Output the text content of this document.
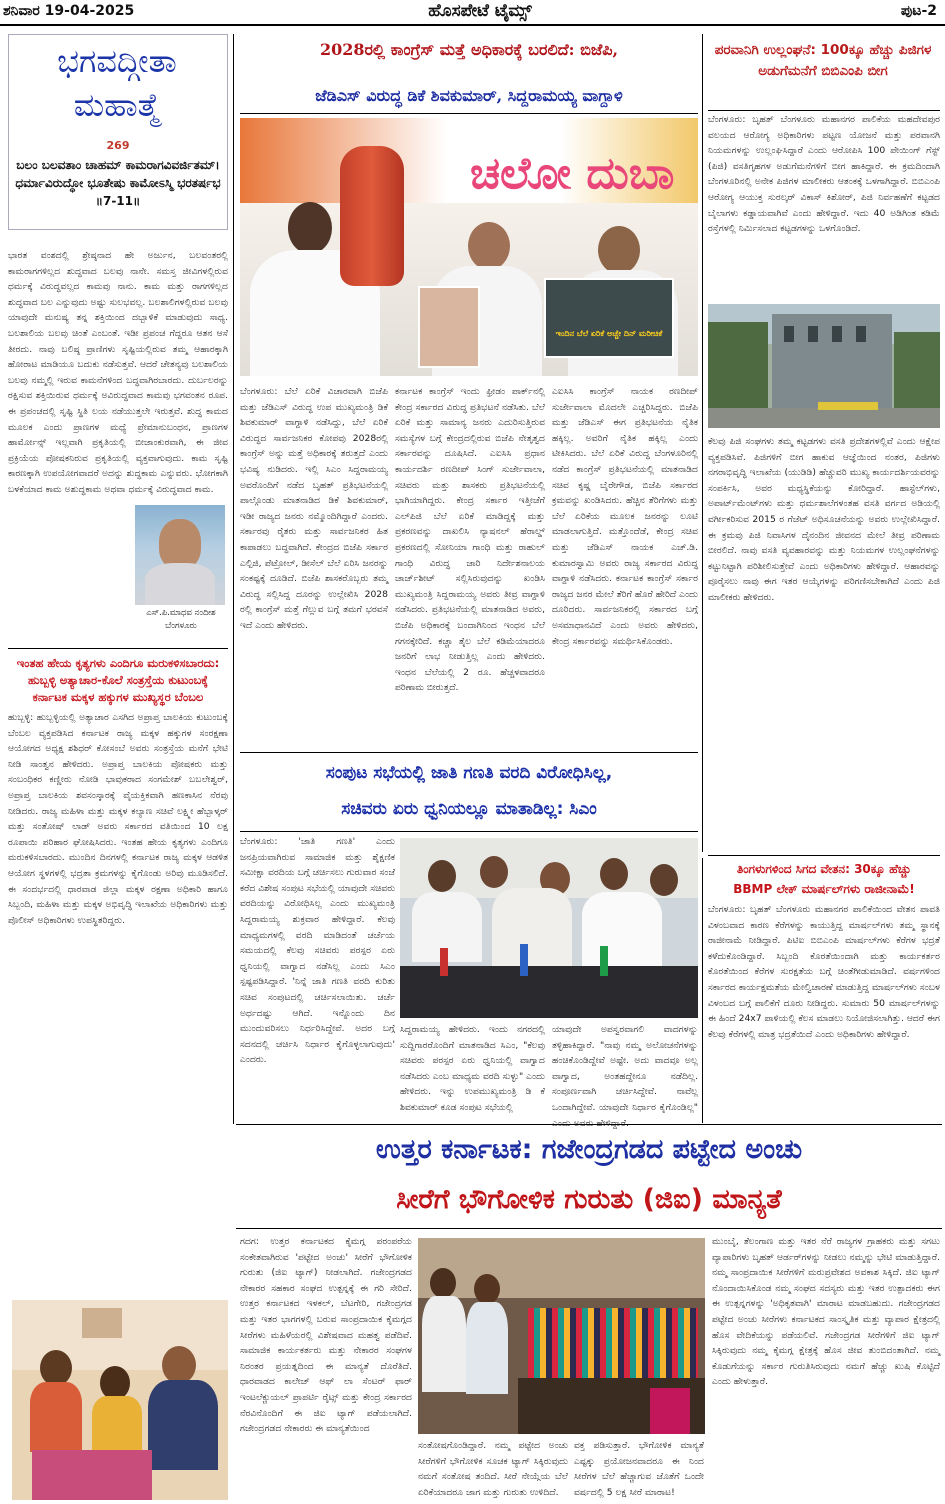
ಶನಿವಾರ 19-04-2025	ಹೊಸಪೇಟೆ ಟೈಮ್ಸ್	ಪುಟ-2
ಭಗವದ್ಗೀತಾ ಮಹಾತ್ಮೆ
269
ಬಲಂ ಬಲವತಾಂ ಚಾಹಮ್ ಕಾಮರಾಗವಿವರ್ಜಿತಮ್। ಧರ್ಮಾವಿರುದ್ಧೋ ಭೂತೇಷು ಕಾಮೋಽಸ್ಮಿ ಭರತರ್ಷಭ ॥7-11॥
ಭಾರತ ವಂಶದಲ್ಲಿ ಶ್ರೇಷ್ಠನಾದ ಹೇ ಅರ್ಜುನ, ಬಲವಂತರಲ್ಲಿ ಕಾಮರಾಗಗಳಿಲ್ಲದ ಶುದ್ಧವಾದ ಬಲವು ನಾನೇ. ಸಮಸ್ತ ಜೀವಿಗಳಲ್ಲಿರುವ ಧರ್ಮಕ್ಕೆ ವಿರುದ್ಧವಲ್ಲದ ಕಾಮವು ನಾನು. ಕಾಮ ಮತ್ತು ರಾಗಗಳಿಲ್ಲದ ಶುದ್ಧವಾದ ಬಲ ಎನ್ನುವುದು ಅಷ್ಟು ಸುಲಭವಲ್ಲ. ಬಲಶಾಲಿಗಳಲ್ಲಿರುವ ಬಲವು ಯಾವುದೇ ಮನುಷ್ಯ ತನ್ನ ಶಕ್ತಿಯಿಂದ ದಬ್ಬಾಳಿಕೆ ಮಾಡುವುದು ಸಾಧ್ಯ. ಬಲಶಾಲಿಯ ಬಲವು ಚಿಂತೆ ಎಂಬಂತೆ. ಇಡೀ ಪ್ರಪಂಚ ಗೆದ್ದರೂ ಆತನ ಆಸೆ ತೀರದು. ನಾವು ಬಲಿಷ್ಠ ಪ್ರಾಣಿಗಳು ಸೃಷ್ಟಿಯಲ್ಲಿರುವ ತಮ್ಮ ಆಹಾರಕ್ಕಾಗಿ ಹೋರಾಟ ಮಾಡಿಯೂ ಬದುಕು ನಡೆಸುತ್ತವೆ. ಆದರೆ ಚೇತನ್ಯವು ಬಲಶಾಲಿಯ ಬಲವು ನಮ್ಮಲ್ಲಿ ಇರುವ ಕಾಮನೆಗಳಿಂದ ಬದ್ಧವಾಗಿರಬಾರದು. ದುರ್ಬಲರನ್ನು ರಕ್ಷಿಸುವ ಶಕ್ತಿಯಿರುವ ಧರ್ಮಕ್ಕೆ ಅವಿರುದ್ಧವಾದ ಕಾಮವು ಭಗವಂತನ ರೂಪ. ಈ ಪ್ರಪಂಚದಲ್ಲಿ ಸೃಷ್ಟಿ ಸ್ಥಿತಿ ಲಯ ನಡೆಯುತ್ತಲೇ ಇರುತ್ತವೆ. ಶುದ್ಧ ಕಾಮದ ಮೂಲಕ ಎಂದು ಪ್ರಾಣಗಳ ಮಧ್ಯೆ ಪ್ರೇಮಾನುಬಂಧನ, ಪ್ರಾಣಗಳ ಹಾರ್ಮೋನ್ಸ್ ಇಲ್ಲವಾಗಿ ಪ್ರಕೃತಿಯಲ್ಲಿ ಬೀಜಾಂಕುರವಾಗಿ, ಈ ಜೀವ ಪ್ರಕ್ರಿಯೆಯ ಪೋಷಕನಿರುವ ಪ್ರಕೃತಿಯಲ್ಲಿ ವ್ಯಕ್ತವಾಗುವುದು. ಕಾಮ ಸೃಷ್ಟಿ ಕಾರಣಕ್ಕಾಗಿ ಉಪಯೋಗವಾದರೆ ಅದನ್ನು ಶುದ್ಧಕಾಮ ಎನ್ನುವರು. ಭೋಗಕಾಗಿ ಬಳಕೆಯಾದ ಕಾಮ ಅಶುದ್ಧಕಾಮ ಅಥವಾ ಧರ್ಮಕ್ಕೆ ವಿರುದ್ಧವಾದ ಕಾಮ.
ಎಸ್.ಪಿ.ಮಾಧವ ನಂದೀಶ
ಬೆಂಗಳೂರು
ಇಂತಹ ಹೇಯ ಕೃತ್ಯಗಳು ಎಂದಿಗೂ ಮರುಕಳಿಸಬಾರದು: ಹುಬ್ಬಳ್ಳಿ ಅತ್ಯಾಚಾರ-ಕೊಲೆ ಸಂತ್ರಸ್ತೆಯ ಕುಟುಂಬಕ್ಕೆ ಕರ್ನಾಟಕ ಮಕ್ಕಳ ಹಕ್ಕುಗಳ ಮುಖ್ಯಸ್ಥರ ಬೆಂಬಲ
ಹುಬ್ಬಳ್ಳಿ: ಹುಬ್ಬಳ್ಳಿಯಲ್ಲಿ ಅತ್ಯಾಚಾರ ಎಸಗಿದ ಅಪ್ರಾಪ್ತ ಬಾಲಕಿಯ ಕುಟುಂಬಕ್ಕೆ ಬೆಂಬಲ ವ್ಯಕ್ತಪಡಿಸಿದ ಕರ್ನಾಟಕ ರಾಜ್ಯ ಮಕ್ಕಳ ಹಕ್ಕುಗಳ ಸಂರಕ್ಷಣಾ ಆಯೋಗದ ಅಧ್ಯಕ್ಷ ಶಶಿಧರ್ ಕೋಸಂಬೆ ಅವರು ಸಂತ್ರಸ್ತೆಯ ಮನೆಗೆ ಭೇಟಿ ನೀಡಿ ಸಾಂತ್ವನ ಹೇಳಿದರು. ಅಪ್ರಾಪ್ತ ಬಾಲಕಿಯ ಪೋಷಕರು ಮತ್ತು ಸಂಬಂಧಿಕರ ಕಣ್ಣೀರು ನೋಡಿ ಭಾವುಕರಾದ ಸಂಗಮೇಶ್ ಬಬಲೇಶ್ವರ್, ಅಪ್ರಾಪ್ತ ಬಾಲಕಿಯ ಶವಸಂಸ್ಕಾರಕ್ಕೆ ವೈಯಕ್ತಿಕವಾಗಿ ಹಣಕಾಸಿನ ನೆರವು ನೀಡಿದರು. ರಾಜ್ಯ ಮಹಿಳಾ ಮತ್ತು ಮಕ್ಕಳ ಕಲ್ಯಾಣ ಸಚಿವೆ ಲಕ್ಷ್ಮೀ ಹೆಬ್ಬಾಳ್ಕರ್ ಮತ್ತು ಸಂತೋಷ್ ಲಾಡ್ ಅವರು ಸರ್ಕಾರದ ವತಿಯಿಂದ 10 ಲಕ್ಷ ರೂಪಾಯಿ ಪರಿಹಾರ ಘೋಷಿಸಿದರು. ಇಂತಹ ಹೇಯ ಕೃತ್ಯಗಳು ಎಂದಿಗೂ ಮರುಕಳಿಸಬಾರದು. ಮುಂದಿನ ದಿನಗಳಲ್ಲಿ ಕರ್ನಾಟಕ ರಾಜ್ಯ ಮಕ್ಕಳ ಆಡಳಿತ ಆಯೋಗ ಸ್ಥಳಗಳಲ್ಲಿ ಭದ್ರತಾ ಕ್ರಮಗಳನ್ನು ಕೈಗೊಂಡು ಅರಿವು ಮೂಡಿಸಲಿದೆ. ಈ ಸಂದರ್ಭದಲ್ಲಿ ಧಾರವಾಡ ಜಿಲ್ಲಾ ಮಕ್ಕಳ ರಕ್ಷಣಾ ಅಧಿಕಾರಿ ಹಾಗೂ ಸಿಬ್ಬಂದಿ, ಮಹಿಳಾ ಮತ್ತು ಮಕ್ಕಳ ಅಭಿವೃದ್ಧಿ ಇಲಾಖೆಯ ಅಧಿಕಾರಿಗಳು ಮತ್ತು ಪೊಲೀಸ್ ಅಧಿಕಾರಿಗಳು ಉಪಸ್ಥಿತರಿದ್ದರು.
2028ರಲ್ಲಿ ಕಾಂಗ್ರೆಸ್ ಮತ್ತೆ ಅಧಿಕಾರಕ್ಕೆ ಬರಲಿದೆ: ಬಿಜೆಪಿ,
ಜೆಡಿಎಸ್ ವಿರುದ್ಧ ಡಿಕೆ ಶಿವಕುಮಾರ್, ಸಿದ್ದರಾಮಯ್ಯ ವಾಗ್ದಾಳಿ
ಚಲೋ ದುಬಾ
ಇಂದಿನ ಬೆಲೆ ಏರಿಕೆ ಅಚ್ಚೇ ದಿನ್ ಮರೀಚಿಕೆ
ಬೆಂಗಳೂರು: ಬೆಲೆ ಏರಿಕೆ ವಿಚಾರವಾಗಿ ಬಿಜೆಪಿ ಮತ್ತು ಜೆಡಿಎಸ್ ವಿರುದ್ಧ ಉಪ ಮುಖ್ಯಮಂತ್ರಿ ಡಿಕೆ ಶಿವಕುಮಾರ್ ವಾಗ್ದಾಳಿ ನಡೆಸಿದ್ದು, ಬೆಲೆ ಏರಿಕೆ ವಿರುದ್ಧದ ಸಾರ್ವಜನಿಕರ ಕೋಪವು 2028ರಲ್ಲಿ ಕಾಂಗ್ರೆಸ್ ಅನ್ನು ಮತ್ತೆ ಅಧಿಕಾರಕ್ಕೆ ತರುತ್ತದೆ ಎಂದು ಭವಿಷ್ಯ ನುಡಿದರು. ಇಲ್ಲಿ ಸಿಎಂ ಸಿದ್ದರಾಮಯ್ಯ ಅವರೊಂದಿಗೆ ನಡೆದ ಬೃಹತ್ ಪ್ರತಿಭಟನೆಯಲ್ಲಿ ಪಾಲ್ಗೊಂಡು ಮಾತನಾಡಿದ ಡಿಕೆ ಶಿವಕುಮಾರ್, ಇಡೀ ರಾಜ್ಯದ ಜನರು ನಮ್ಮೊಂದಿಗಿದ್ದಾರೆ ಎಂದರು. ಸರ್ಕಾರವು ರೈತರು ಮತ್ತು ಸಾರ್ವಜನಿಕರ ಹಿತ ಕಾಪಾಡಲು ಬದ್ಧವಾಗಿದೆ. ಕೇಂದ್ರದ ಬಿಜೆಪಿ ಸರ್ಕಾರ ಎಲ್ಪಿಜಿ, ಪೆಟ್ರೋಲ್, ಡೀಸೆಲ್ ಬೆಲೆ ಏರಿಸಿ ಜನರನ್ನು ಸಂಕಷ್ಟಕ್ಕೆ ದೂಡಿದೆ. ಬಿಜೆಪಿ ಶಾಸಕರೊಬ್ಬರು ತಮ್ಮ ವಿರುದ್ಧ ಸಲ್ಲಿಸಿದ್ದ ದೂರನ್ನು ಉಲ್ಲೇಖಿಸಿ 2028 ರಲ್ಲಿ ಕಾಂಗ್ರೆಸ್ ಮತ್ತೆ ಗೆಲ್ಲುವ ಬಗ್ಗೆ ತಮಗೆ ಭರವಸೆ ಇದೆ ಎಂದು ಹೇಳಿದರು.
ಕರ್ನಾಟಕ ಕಾಂಗ್ರೆಸ್ ಇಂದು ಫ್ರೀಡಂ ಪಾರ್ಕ್‌ನಲ್ಲಿ ಕೇಂದ್ರ ಸರ್ಕಾರದ ವಿರುದ್ಧ ಪ್ರತಿಭಟನೆ ನಡೆಸಿತು. ಬೆಲೆ ಏರಿಕೆ ಮತ್ತು ಸಾಮಾನ್ಯ ಜನರು ಎದುರಿಸುತ್ತಿರುವ ಸಮಸ್ಯೆಗಳ ಬಗ್ಗೆ ಕೇಂದ್ರದಲ್ಲಿರುವ ಬಿಜೆಪಿ ನೇತೃತ್ವದ ಸರ್ಕಾರವನ್ನು ದೂಷಿಸಿದೆ. ಎಐಸಿಸಿ ಪ್ರಧಾನ ಕಾರ್ಯದರ್ಶಿ ರಣದೀಪ್ ಸಿಂಗ್ ಸುರ್ಜೇವಾಲಾ, ಸಚಿವರು ಮತ್ತು ಶಾಸಕರು ಪ್ರತಿಭಟನೆಯಲ್ಲಿ ಭಾಗಿಯಾಗಿದ್ದರು. ಕೇಂದ್ರ ಸರ್ಕಾರ ಇತ್ತೀಚೆಗೆ ಎಲ್‌ಪಿಜಿ ಬೆಲೆ ಏರಿಕೆ ಮಾಡಿದ್ದಕ್ಕೆ ಮತ್ತು ಪ್ರಕರಣವನ್ನು ದಾಖಲಿಸಿ ನ್ಯಾಷನಲ್ ಹೆರಾಲ್ಡ್ ಪ್ರಕರಣದಲ್ಲಿ ಸೋನಿಯಾ ಗಾಂಧಿ ಮತ್ತು ರಾಹುಲ್ ಗಾಂಧಿ ವಿರುದ್ಧ ಜಾರಿ ನಿರ್ದೇಶನಾಲಯ ಚಾರ್ಜ್‌ಶೀಟ್ ಸಲ್ಲಿಸಿರುವುದನ್ನು ಖಂಡಿಸಿ ಮುಖ್ಯಮಂತ್ರಿ ಸಿದ್ದರಾಮಯ್ಯ ಅವರು ತೀವ್ರ ವಾಗ್ದಾಳಿ ನಡೆಸಿದರು. ಪ್ರತಿಭಟನೆಯಲ್ಲಿ ಮಾತನಾಡಿದ ಅವರು, ಬಿಜೆಪಿ ಅಧಿಕಾರಕ್ಕೆ ಬಂದಾಗಿನಿಂದ ಇಂಧನ ಬೆಲೆ ಗಗನಕ್ಕೇರಿದೆ. ಕಚ್ಚಾ ತೈಲ ಬೆಲೆ ಕಡಿಮೆಯಾದರೂ ಜನರಿಗೆ ಲಾಭ ನೀಡುತ್ತಿಲ್ಲ ಎಂದು ಹೇಳಿದರು. ಇಂಧನ ಬೆಲೆಯಲ್ಲಿ 2 ರೂ. ಹೆಚ್ಚಳವಾದರೂ ಪರಿಣಾಮ ಬೀರುತ್ತದೆ.
ಎಐಸಿಸಿ ಕಾಂಗ್ರೆಸ್ ನಾಯಕ ರಣದೀಪ್ ಸುರ್ಜೇವಾಲಾ ಮೊದಲೇ ಎಚ್ಚರಿಸಿದ್ದರು. ಬಿಜೆಪಿ ಮತ್ತು ಜೆಡಿಎಸ್ ಈಗ ಪ್ರತಿಭಟನೆಯ ನೈತಿಕ ಹಕ್ಕಿಲ್ಲ. ಅವರಿಗೆ ನೈತಿಕ ಹಕ್ಕಿಲ್ಲ ಎಂದು ಟೀಕಿಸಿದರು. ಬೆಲೆ ಏರಿಕೆ ವಿರುದ್ಧ ಬೆಂಗಳೂರಿನಲ್ಲಿ ನಡೆದ ಕಾಂಗ್ರೆಸ್ ಪ್ರತಿಭಟನೆಯಲ್ಲಿ ಮಾತನಾಡಿದ ಸಚಿವ ಕೃಷ್ಣ ಬೈರೇಗೌಡ, ಬಿಜೆಪಿ ಸರ್ಕಾರದ ಕ್ರಮವನ್ನು ಖಂಡಿಸಿದರು. ಹೆಚ್ಚಿನ ತೆರಿಗೆಗಳು ಮತ್ತು ಬೆಲೆ ಏರಿಕೆಯ ಮೂಲಕ ಜನರನ್ನು ಲೂಟಿ ಮಾಡಲಾಗುತ್ತಿದೆ. ಮತ್ತೊಂದೆಡೆ, ಕೇಂದ್ರ ಸಚಿವ ಮತ್ತು ಜೆಡಿಎಸ್ ನಾಯಕ ಎಚ್.ಡಿ. ಕುಮಾರಸ್ವಾಮಿ ಅವರು ರಾಜ್ಯ ಸರ್ಕಾರದ ವಿರುದ್ಧ ವಾಗ್ದಾಳಿ ನಡೆಸಿದರು. ಕರ್ನಾಟಕ ಕಾಂಗ್ರೆಸ್ ಸರ್ಕಾರ ರಾಜ್ಯದ ಜನರ ಮೇಲೆ ತೆರಿಗೆ ಹೊರೆ ಹೇರಿದೆ ಎಂದು ದೂರಿದರು. ಸಾರ್ವಜನಿಕರಲ್ಲಿ ಸರ್ಕಾರದ ಬಗ್ಗೆ ಅಸಮಾಧಾನವಿದೆ ಎಂದು ಅವರು ಹೇಳಿದರು, ಕೇಂದ್ರ ಸರ್ಕಾರವನ್ನು ಸಮರ್ಥಿಸಿಕೊಂಡರು.
ಸಂಪುಟ ಸಭೆಯಲ್ಲಿ ಜಾತಿ ಗಣತಿ ವರದಿ ವಿರೋಧಿಸಿಲ್ಲ,
ಸಚಿವರು ಏರು ಧ್ವನಿಯಲ್ಲೂ ಮಾತಾಡಿಲ್ಲ: ಸಿಎಂ
ಬೆಂಗಳೂರು: 'ಜಾತಿ ಗಣತಿ' ಎಂದು ಜನಪ್ರಿಯವಾಗಿರುವ ಸಾಮಾಜಿಕ ಮತ್ತು ಶೈಕ್ಷಣಿಕ ಸಮೀಕ್ಷಾ ವರದಿಯ ಬಗ್ಗೆ ಚರ್ಚಿಸಲು ಗುರುವಾರ ಸಂಜೆ ಕರೆದ ವಿಶೇಷ ಸಂಪುಟ ಸಭೆಯಲ್ಲಿ ಯಾವುದೇ ಸಚಿವರು ವರದಿಯನ್ನು ವಿರೋಧಿಸಿಲ್ಲ ಎಂದು ಮುಖ್ಯಮಂತ್ರಿ ಸಿದ್ದರಾಮಯ್ಯ ಶುಕ್ರವಾರ ಹೇಳಿದ್ದಾರೆ. ಕೆಲವು ಮಾಧ್ಯಮಗಳಲ್ಲಿ ವರದಿ ಮಾಡಿದಂತೆ ಚರ್ಚೆಯ ಸಮಯದಲ್ಲಿ ಕೆಲವು ಸಚಿವರು ಪರಸ್ಪರ ಏರು ಧ್ವನಿಯಲ್ಲಿ ವಾಗ್ವಾದ ನಡೆಸಿಲ್ಲ ಎಂದು ಸಿಎಂ ಸ್ಪಷ್ಟಪಡಿಸಿದ್ದಾರೆ. 'ನಿನ್ನೆ ಜಾತಿ ಗಣತಿ ವರದಿ ಕುರಿತು ಸಚಿವ ಸಂಪುಟದಲ್ಲಿ ಚರ್ಚಿಸಲಾಯಿತು. ಚರ್ಚೆ ಅರ್ಧದಷ್ಟು ಆಗಿದೆ. ಇನ್ನೊಂದು ದಿನ ಮುಂದುವರಿಸಲು ನಿರ್ಧರಿಸಿದ್ದೇವೆ. ಅದರ ಬಗ್ಗೆ ಸದನದಲ್ಲಿ ಚರ್ಚಿಸಿ ನಿರ್ಧಾರ ಕೈಗೊಳ್ಳಲಾಗುವುದು' ಎಂದರು.
ಸಿದ್ದರಾಮಯ್ಯ ಹೇಳಿದರು. ಇಂದು ನಗರದಲ್ಲಿ ಸುದ್ದಿಗಾರರೊಂದಿಗೆ ಮಾತನಾಡಿದ ಸಿಎಂ, "ಕೆಲವು ಸಚಿವರು ಪರಸ್ಪರ ಏರು ಧ್ವನಿಯಲ್ಲಿ ವಾಗ್ವಾದ ನಡೆಸಿದರು ಎಂಬ ಮಾಧ್ಯಮ ವರದಿ ಸುಳ್ಳು" ಎಂದು ಹೇಳಿದರು. ಇನ್ನು ಉಪಮುಖ್ಯಮಂತ್ರಿ ಡಿ ಕೆ ಶಿವಕುಮಾರ್ ಕೂಡ ಸಂಪುಟ ಸಭೆಯಲ್ಲಿ
ಯಾವುದೇ ಅಪಸ್ವರವಾಗಲಿ ವಾದಗಳನ್ನು ತಳ್ಳಿಹಾಕಿದ್ದಾರೆ. "ನಾವು ನಮ್ಮ ಅಲೋಚನೆಗಳನ್ನು ಹಂಚಿಕೊಂಡಿದ್ದೇವೆ ಅಷ್ಟೇ. ಅದು ವಾದವೂ ಅಲ್ಲ ವಾಗ್ವಾದ, ಅಂತಹದ್ದೇನೂ ನಡೆದಿಲ್ಲ. ಸಂಪೂರ್ಣವಾಗಿ ಚರ್ಚಿಸಿದ್ದೇವೆ. ನಾವೆಲ್ಲ ಒಂದಾಗಿದ್ದೇವೆ. ಯಾವುದೇ ನಿರ್ಧಾರ ಕೈಗೊಂಡಿಲ್ಲ"
ಪರವಾನಿಗಿ ಉಲ್ಲಂಘನೆ: 100ಕ್ಕೂ ಹೆಚ್ಚು ಪಿಜಿಗಳ ಅಡುಗೆಮನೆಗೆ ಬಿಬಿಎಂಪಿ ಬೀಗ
ಬೆಂಗಳೂರು: ಬೃಹತ್ ಬೆಂಗಳೂರು ಮಹಾನಗರ ಪಾಲಿಕೆಯ ಮಹದೇವಪುರ ವಲಯದ ಆರೋಗ್ಯ ಅಧಿಕಾರಿಗಳು ಪಟ್ಟಣ ಯೋಜನೆ ಮತ್ತು ಪರವಾನಗಿ ನಿಯಮಗಳನ್ನು ಉಲ್ಲಂಘಿಸಿದ್ದಾರೆ ಎಂದು ಆರೋಪಿಸಿ 100 ಪೇಯಿಂಗ್ ಗೆಸ್ಟ್ (ಪಿಜಿ) ವಸತಿಗೃಹಗಳ ಅಡುಗೆಮನೆಗಳಿಗೆ ಬೀಗ ಹಾಕಿದ್ದಾರೆ. ಈ ಕ್ರಮದಿಂದಾಗಿ ಬೆಂಗಳೂರಿನಲ್ಲಿ ಅನೇಕ ಪಿಜಿಗಳ ಮಾಲೀಕರು ಆತಂಕಕ್ಕೆ ಒಳಗಾಗಿದ್ದಾರೆ. ಬಿಬಿಎಂಪಿ ಆರೋಗ್ಯ ಆಯುಕ್ತ ಸುರಲ್ಕರ್ ವಿಕಾಸ್ ಕಿಶೋರ್, ಪಿಜಿ ನಿರ್ವಹಣೆಗೆ ಕಟ್ಟಡದ ಬೈಲಾಗಳು ಕಡ್ಡಾಯವಾಗಿವೆ ಎಂದು ಹೇಳಿದ್ದಾರೆ. ಇದು 40 ಅಡಿಗಿಂತ ಕಡಿಮೆ ರಸ್ತೆಗಳಲ್ಲಿ ನಿರ್ಮಿಸಲಾದ ಕಟ್ಟಡಗಳನ್ನು ಒಳಗೊಂಡಿದೆ.
ಕೆಲವು ಪಿಜಿ ಸಂಘಗಳು ತಮ್ಮ ಕಟ್ಟಡಗಳು ವಸತಿ ಪ್ರದೇಶಗಳಲ್ಲಿವೆ ಎಂದು ಆಕ್ಷೇಪ ವ್ಯಕ್ತಪಡಿಸಿವೆ. ಪಿಜಿಗಳಿಗೆ ಬೀಗ ಹಾಕುವ ಆಜ್ಞೆಯಿಂದ ನಂತರ, ಪಿಜಿಗಳು ನಗರಾಭಿವೃದ್ಧಿ ಇಲಾಖೆಯ (ಯುಡಿಡಿ) ಹೆಚ್ಚುವರಿ ಮುಖ್ಯ ಕಾರ್ಯದರ್ಶಿಯವರನ್ನು ಸಂಪರ್ಕಿಸಿ, ಅವರ ಮಧ್ಯಸ್ಥಿಕೆಯನ್ನು ಕೋರಿದ್ದಾರೆ. ಹಾಸ್ಟೆಲ್‌ಗಳು, ಅಪಾರ್ಟ್‌ಮೆಂಟ್‌ಗಳು ಮತ್ತು ಧರ್ಮಶಾಲೆಗಳಂತಹ ವಸತಿ ವರ್ಗದ ಅಡಿಯಲ್ಲಿ ವರ್ಗೀಕರಿಸುವ 2015 ರ ಗೆಜೆಟ್ ಅಧಿಸೂಚನೆಯನ್ನು ಅವರು ಉಲ್ಲೇಖಿಸಿದ್ದಾರೆ. ಈ ಕ್ರಮವು ಪಿಜಿ ನಿವಾಸಿಗಳ ದೈನಂದಿನ ಜೀವನದ ಮೇಲೆ ತೀವ್ರ ಪರಿಣಾಮ ಬೀರಲಿದೆ. ನಾವು ವಸತಿ ವ್ಯವಹಾರವನ್ನು ಮತ್ತು ನಿಯಮಗಳ ಉಲ್ಲಂಘನೆಗಳನ್ನು ಕಟ್ಟುನಿಟ್ಟಾಗಿ ಪರಿಶೀಲಿಸುತ್ತೇವೆ ಎಂದು ಅಧಿಕಾರಿಗಳು ಹೇಳಿದ್ದಾರೆ. ಆಹಾರವನ್ನು ಪೂರೈಸಲು ನಾವು ಈಗ ಇತರ ಆಯ್ಕೆಗಳನ್ನು ಪರಿಗಣಿಸಬೇಕಾಗಿದೆ ಎಂದು ಪಿಜಿ ಮಾಲೀಕರು ಹೇಳಿದರು.
ತಿಂಗಳುಗಳಿಂದ ಸಿಗದ ವೇತನ: 30ಕ್ಕೂ ಹೆಚ್ಚು
BBMP ಲೇಕ್ ಮಾರ್ಷಲ್‌ಗಳು ರಾಜೀನಾಮೆ!
ಬೆಂಗಳೂರು: ಬೃಹತ್ ಬೆಂಗಳೂರು ಮಹಾನಗರ ಪಾಲಿಕೆಯಿಂದ ವೇತನ ಪಾವತಿ ವಿಳಂಬವಾದ ಕಾರಣ ಕೆರೆಗಳನ್ನು ಕಾಯುತ್ತಿದ್ದ ಮಾರ್ಷಲ್‌ಗಳು ತಮ್ಮ ಸ್ಥಾನಕ್ಕೆ ರಾಜೀನಾಮೆ ನೀಡಿದ್ದಾರೆ. ಪಿಟಿಐ ಬಿಬಿಎಂಪಿ ಮಾರ್ಷಲ್‌ಗಳು ಕೆರೆಗಳ ಭದ್ರತೆ ಕಳೆದುಕೊಂಡಿದ್ದಾರೆ. ಸಿಬ್ಬಂದಿ ಕೊರತೆಯಿಂದಾಗಿ ಮತ್ತು ಕಾರ್ಯಕರ್ತರ ಕೊರತೆಯಿಂದ ಕೆರೆಗಳ ಸುರಕ್ಷತೆಯ ಬಗ್ಗೆ ಚಿಂತೆಗೀಡುಮಾಡಿದೆ. ವರ್ಷಗಳಿಂದ ಸರ್ಕಾರದ ಕಾರ್ಯಕ್ಷಮತೆಯ ಮೇಲ್ವಿಚಾರಣೆ ಮಾಡುತ್ತಿದ್ದ ಮಾರ್ಷಲ್‌ಗಳು ಸಂಬಳ ವಿಳಂಬದ ಬಗ್ಗೆ ಪಾಲಿಕೆಗೆ ದೂರು ನೀಡಿದ್ದರು. ಸುಮಾರು 50 ಮಾರ್ಷಲ್‌ಗಳನ್ನು ಈ ಹಿಂದೆ 24x7 ಪಾಳಿಯಲ್ಲಿ ಕೆಲಸ ಮಾಡಲು ನಿಯೋಜಿಸಲಾಗಿತ್ತು. ಆದರೆ ಈಗ ಕೆಲವು ಕೆರೆಗಳಲ್ಲಿ ಮಾತ್ರ ಭದ್ರತೆಯಿದೆ ಎಂದು ಅಧಿಕಾರಿಗಳು ಹೇಳಿದ್ದಾರೆ.
ಉತ್ತರ ಕರ್ನಾಟಕ: ಗಜೇಂದ್ರಗಡದ ಪಟ್ಟೇದ ಅಂಚು
ಸೀರೆಗೆ ಭೌಗೋಳಿಕ ಗುರುತು (ಜಿಐ) ಮಾನ್ಯತೆ
ಗದಗ: ಉತ್ತರ ಕರ್ನಾಟಕದ ಕೈಮಗ್ಗ ಪರಂಪರೆಯ ಸಂಕೇತವಾಗಿರುವ 'ಪಟ್ಟೇದ ಅಂಚು' ಸೀರೆಗೆ ಭೌಗೋಳಿಕ ಗುರುತು (ಜಿಐ ಟ್ಯಾಗ್) ನೀಡಲಾಗಿದೆ. ಗಜೇಂದ್ರಗಡದ ನೇಕಾರರ ಸಹಕಾರ ಸಂಘದ ಉತ್ಪನ್ನಕ್ಕೆ ಈ ಗರಿ ಸೇರಿದೆ. ಉತ್ತರ ಕರ್ನಾಟಕದ ಇಳಕಲ್, ಬೆಟಗೇರಿ, ಗಜೇಂದ್ರಗಡ ಮತ್ತು ಇತರ ಭಾಗಗಳಲ್ಲಿ ಬರುವ ಸಾಂಪ್ರದಾಯಿಕ ಕೈಮಗ್ಗದ ಸೀರೆಗಳು ಮಹಿಳೆಯರಲ್ಲಿ ವಿಶೇಷವಾದ ಮಹತ್ವ ಪಡೆದಿವೆ. ಸಾಮಾಜಿಕ ಕಾರ್ಯಕರ್ತರು ಮತ್ತು ನೇಕಾರರ ಸಂಘಗಳ ನಿರಂತರ ಪ್ರಯತ್ನದಿಂದ ಈ ಮಾನ್ಯತೆ ದೊರೆತಿದೆ. ಧಾರವಾಡದ ಕಾಲೇಜ್ ಆಫ್ ಲಾ ಸೆಂಟರ್ ಫಾರ್ ಇಂಟಲೆಕ್ಚುಯಲ್ ಪ್ರಾಪರ್ಟಿ ರೈಟ್ಸ್ ಮತ್ತು ಕೇಂದ್ರ ಸರ್ಕಾರದ ನೆರವಿನೊಂದಿಗೆ ಈ ಜಿಐ ಟ್ಯಾಗ್ ಪಡೆಯಲಾಗಿದೆ. ಗಜೇಂದ್ರಗಡದ ನೇಕಾರರು ಈ ಮಾನ್ಯತೆಯಿಂದ
ಸಂತೋಷಗೊಂಡಿದ್ದಾರೆ. ನಮ್ಮ ಪಟ್ಟೇದ ಅಂಚು ಸೀರೆಗಳಿಗೆ ಭೌಗೋಳಿಕ ಸೂಚಕ ಟ್ಯಾಗ್ ಸಿಕ್ಕಿರುವುದು ನಮಗೆ ಸಂತೋಷ ತಂದಿದೆ. ಸೀರೆ ನೇಯ್ಗೆಯ ಬೆಲೆ ಏರಿಕೆಯಾದರೂ ಜಾಗ ಮತ್ತು ಗುರುತು ಉಳಿದಿದೆ.
ವಕ್ತ ಪಡಿಸುತ್ತಾರೆ. ಭೌಗೋಳಿಕ ಮಾನ್ಯತೆ ಎಷ್ಟಕ್ಕು ಪ್ರಯೋಜನವಾದರೂ ಈ ನಿಂದ ಸೀರೆಗಳ ಬೆಲೆ ಹೆಚ್ಚಾಗುವ ಜೊತೆಗೆ ಒಂದೇ ವರ್ಷದಲ್ಲಿ 5 ಲಕ್ಷ ಸೀರೆ ಮಾರಾಟ!
ಮುಂಬೈ, ತೆಲಂಗಾಣ ಮತ್ತು ಇತರ ನೆರೆ ರಾಜ್ಯಗಳ ಗ್ರಾಹಕರು ಮತ್ತು ಸಗಟು ವ್ಯಾಪಾರಿಗಳು ಬೃಹತ್ ಆರ್ಡರ್‌ಗಳನ್ನು ನೀಡಲು ನಮ್ಮನ್ನು ಭೇಟಿ ಮಾಡುತ್ತಿದ್ದಾರೆ. ನಮ್ಮ ಸಾಂಪ್ರದಾಯಿಕ ಸೀರೆಗಳಿಗೆ ಮರುಪ್ರವೇಶದ ಅವಕಾಶ ಸಿಕ್ಕಿದೆ. ಜಿಐ ಟ್ಯಾಗ್ ನೊಂದಾಯಿಸಿಕೊಂಡ ನಮ್ಮ ಸಂಘದ ಸದಸ್ಯರು ಮತ್ತು ಇತರ ಉತ್ಪಾದಕರು ಈಗ ಈ ಉತ್ಪನ್ನಗಳನ್ನು 'ಅಧಿಕೃತವಾಗಿ' ಮಾರಾಟ ಮಾಡಬಹುದು. ಗಜೇಂದ್ರಗಡದ ಪಟ್ಟೇದ ಅಂಚು ಸೀರೆಗಳು ಕರ್ನಾಟಕದ ಸಾಂಸ್ಕೃತಿಕ ಮತ್ತು ವ್ಯಾಪಾರ ಕ್ಷೇತ್ರದಲ್ಲಿ ಹೊಸ ವೇದಿಕೆಯನ್ನು ಪಡೆಯಲಿವೆ. ಗಜೇಂದ್ರಗಡ ಸೀರೆಗಳಿಗೆ ಜಿಐ ಟ್ಯಾಗ್ ಸಿಕ್ಕಿರುವುದು ನಮ್ಮ ಕೈಮಗ್ಗ ಕ್ಷೇತ್ರಕ್ಕೆ ಹೊಸ ಜೀವ ತುಂಬಿದಂತಾಗಿದೆ. ನಮ್ಮ ಕೊಡುಗೆಯನ್ನು ಸರ್ಕಾರ ಗುರುತಿಸಿರುವುದು ನಮಗೆ ಹೆಚ್ಚು ಖುಷಿ ಕೊಟ್ಟಿದೆ ಎಂದು ಹೇಳುತ್ತಾರೆ.
